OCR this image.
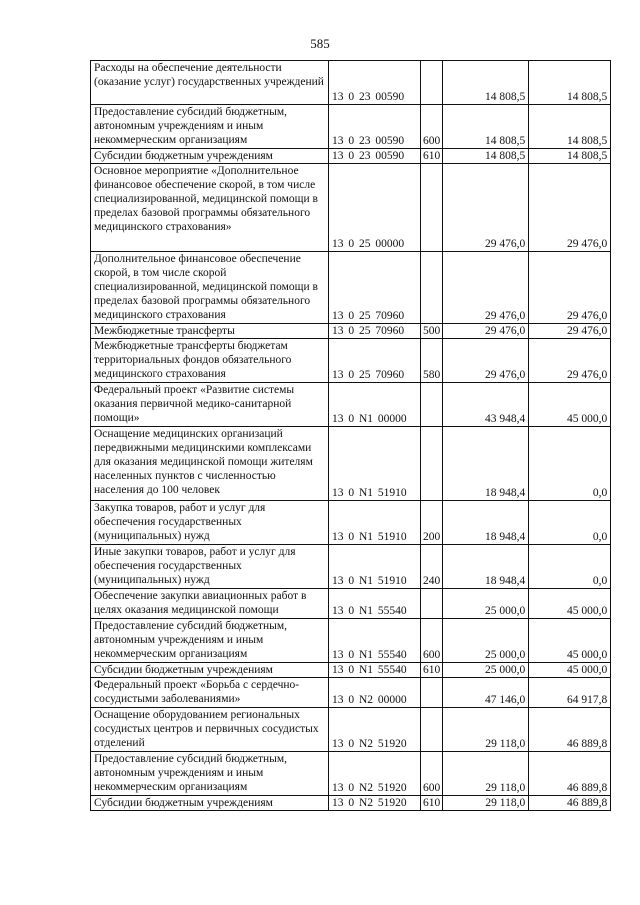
585
Расходы на обеспечение деятельности (оказание услуг) государственных учреждений	13 0 23 00590		14 808,5	14 808,5
Предоставление субсидий бюджетным, автономным учреждениям и иным некоммерческим организациям	13 0 23 00590	600	14 808,5	14 808,5
Субсидии бюджетным учреждениям	13 0 23 00590	610	14 808,5	14 808,5
Основное мероприятие «Дополнительное финансовое обеспечение скорой, в том числе специализированной, медицинской помощи в пределах базовой программы обязательного медицинского страхования»	13 0 25 00000		29 476,0	29 476,0
Дополнительное финансовое обеспечение скорой, в том числе скорой специализированной, медицинской помощи в пределах базовой программы обязательного медицинского страхования	13 0 25 70960		29 476,0	29 476,0
Межбюджетные трансферты	13 0 25 70960	500	29 476,0	29 476,0
Межбюджетные трансферты бюджетам территориальных фондов обязательного медицинского страхования	13 0 25 70960	580	29 476,0	29 476,0
Федеральный проект «Развитие системы оказания первичной медико-санитарной помощи»	13 0 N1 00000		43 948,4	45 000,0
Оснащение медицинских организаций передвижными медицинскими комплексами для оказания медицинской помощи жителям населенных пунктов с численностью населения до 100 человек	13 0 N1 51910		18 948,4	0,0
Закупка товаров, работ и услуг для обеспечения государственных (муниципальных) нужд	13 0 N1 51910	200	18 948,4	0,0
Иные закупки товаров, работ и услуг для обеспечения государственных (муниципальных) нужд	13 0 N1 51910	240	18 948,4	0,0
Обеспечение закупки авиационных работ в целях оказания медицинской помощи	13 0 N1 55540		25 000,0	45 000,0
Предоставление субсидий бюджетным, автономным учреждениям и иным некоммерческим организациям	13 0 N1 55540	600	25 000,0	45 000,0
Субсидии бюджетным учреждениям	13 0 N1 55540	610	25 000,0	45 000,0
Федеральный проект «Борьба с сердечно-сосудистыми заболеваниями»	13 0 N2 00000		47 146,0	64 917,8
Оснащение оборудованием региональных сосудистых центров и первичных сосудистых отделений	13 0 N2 51920		29 118,0	46 889,8
Предоставление субсидий бюджетным, автономным учреждениям и иным некоммерческим организациям	13 0 N2 51920	600	29 118,0	46 889,8
Субсидии бюджетным учреждениям	13 0 N2 51920	610	29 118,0	46 889,8
